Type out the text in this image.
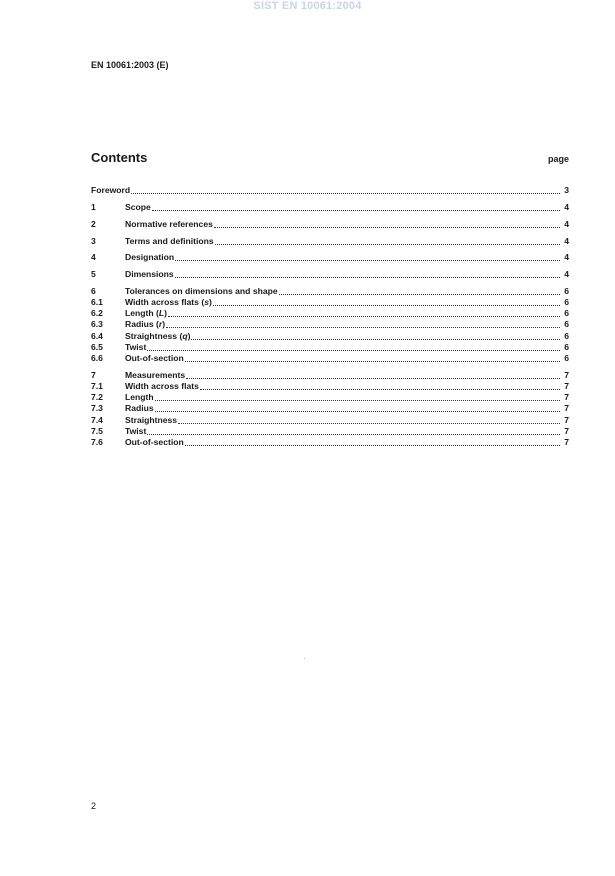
SIST EN 10061:2004
EN 10061:2003 (E)
Contents	page
Foreword	3
1	Scope	4
2	Normative references	4
3	Terms and definitions	4
4	Designation	4
5	Dimensions	4
6	Tolerances on dimensions and shape	6
6.1	Width across flats (s)	6
6.2	Length (L)	6
6.3	Radius (r)	6
6.4	Straightness (q)	6
6.5	Twist	6
6.6	Out-of-section	6
7	Measurements	7
7.1	Width across flats	7
7.2	Length	7
7.3	Radius	7
7.4	Straightness	7
7.5	Twist	7
7.6	Out-of-section	7
2
